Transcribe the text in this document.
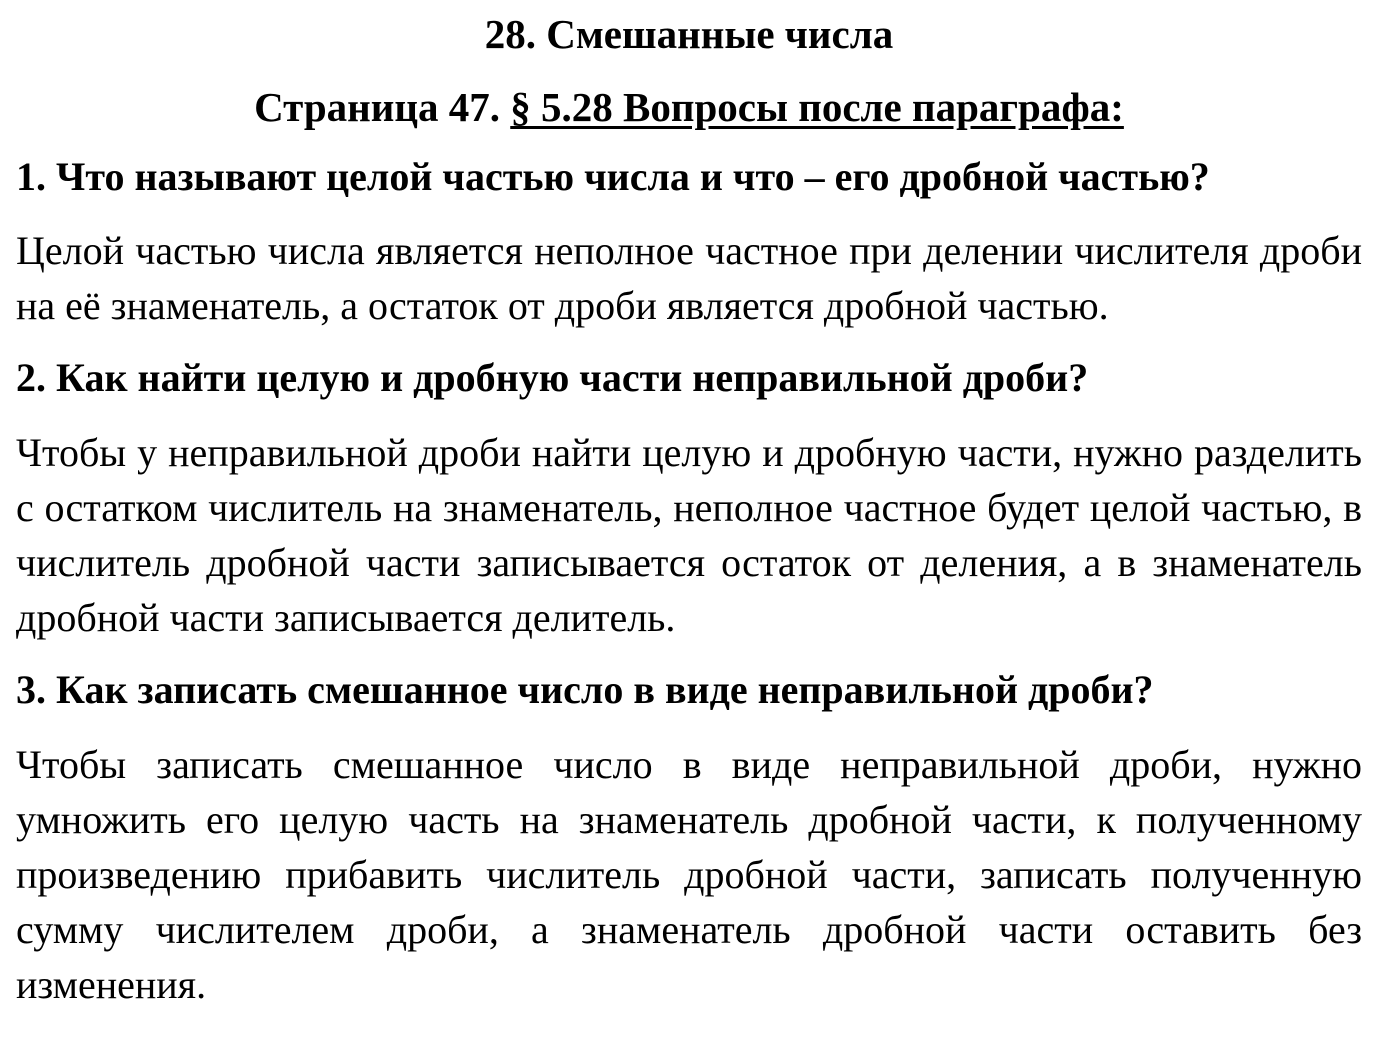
28. Смешанные числа
Страница 47. § 5.28 Вопросы после параграфа:

1. Что называют целой частью числа и что – его дробной частью?

Целой частью числа является неполное частное при делении числителя дроби на её знаменатель, а остаток от дроби является дробной частью.

2. Как найти целую и дробную части неправильной дроби?

Чтобы у неправильной дроби найти целую и дробную части, нужно разделить с остатком числитель на знаменатель, неполное частное будет целой частью, в числитель дробной части записывается остаток от деления, а в знаменатель дробной части записывается делитель.

3. Как записать смешанное число в виде неправильной дроби?

Чтобы записать смешанное число в виде неправильной дроби, нужно умножить его целую часть на знаменатель дробной части, к полученному произведению прибавить числитель дробной части, записать полученную сумму числителем дроби, а знаменатель дробной части оставить без изменения.
